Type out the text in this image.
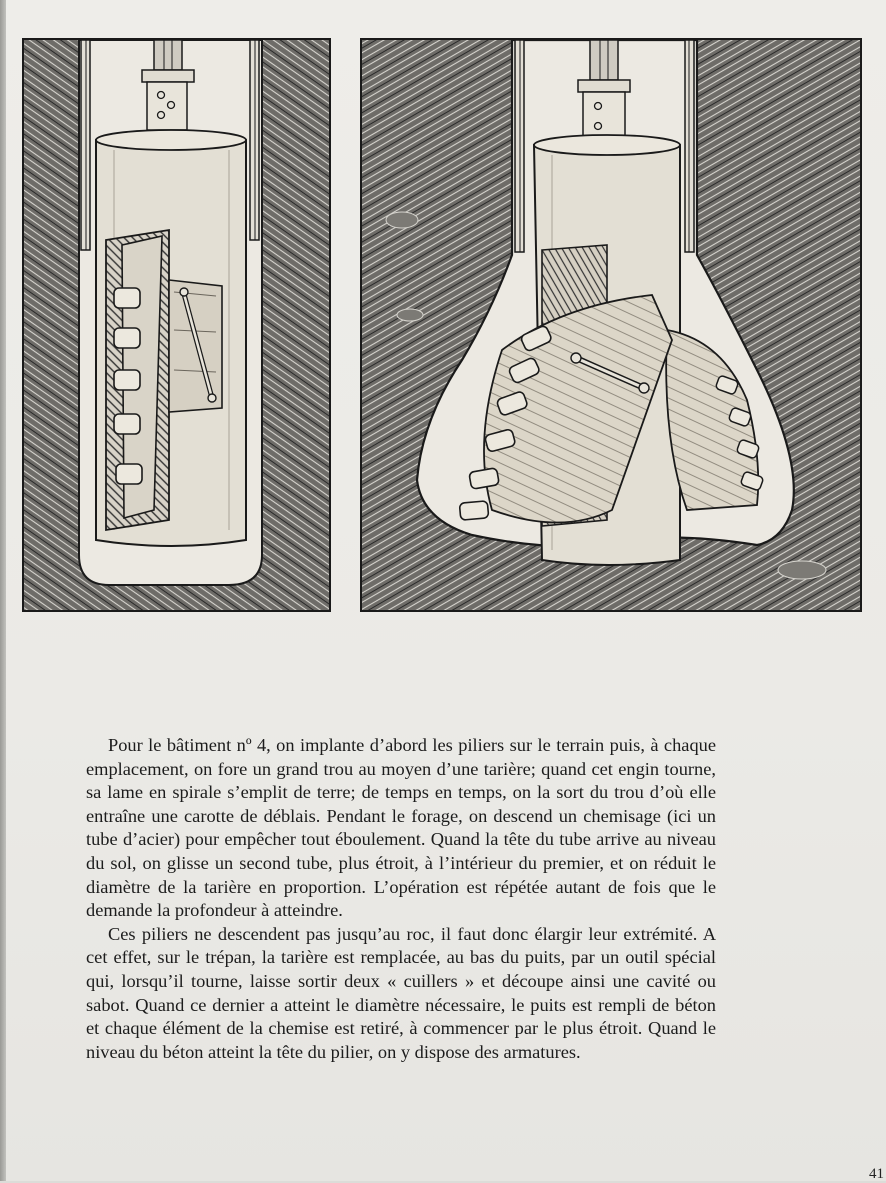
Pour le bâtiment nº 4, on implante d’abord les piliers sur le terrain puis, à chaque emplacement, on fore un grand trou au moyen d’une tarière; quand cet engin tourne, sa lame en spirale s’emplit de terre; de temps en temps, on la sort du trou d’où elle entraîne une carotte de déblais. Pendant le forage, on descend un chemisage (ici un tube d’acier) pour empêcher tout éboulement. Quand la tête du tube arrive au niveau du sol, on glisse un second tube, plus étroit, à l’intérieur du premier, et on réduit le diamètre de la tarière en proportion. L’opération est répétée autant de fois que le demande la profondeur à atteindre.

Ces piliers ne descendent pas jusqu’au roc, il faut donc élargir leur extrémité. A cet effet, sur le trépan, la tarière est remplacée, au bas du puits, par un outil spécial qui, lorsqu’il tourne, laisse sortir deux « cuillers » et découpe ainsi une cavité ou sabot. Quand ce dernier a atteint le diamètre nécessaire, le puits est rempli de béton et chaque élément de la chemise est retiré, à commencer par le plus étroit. Quand le niveau du béton atteint la tête du pilier, on y dispose des armatures.

41
